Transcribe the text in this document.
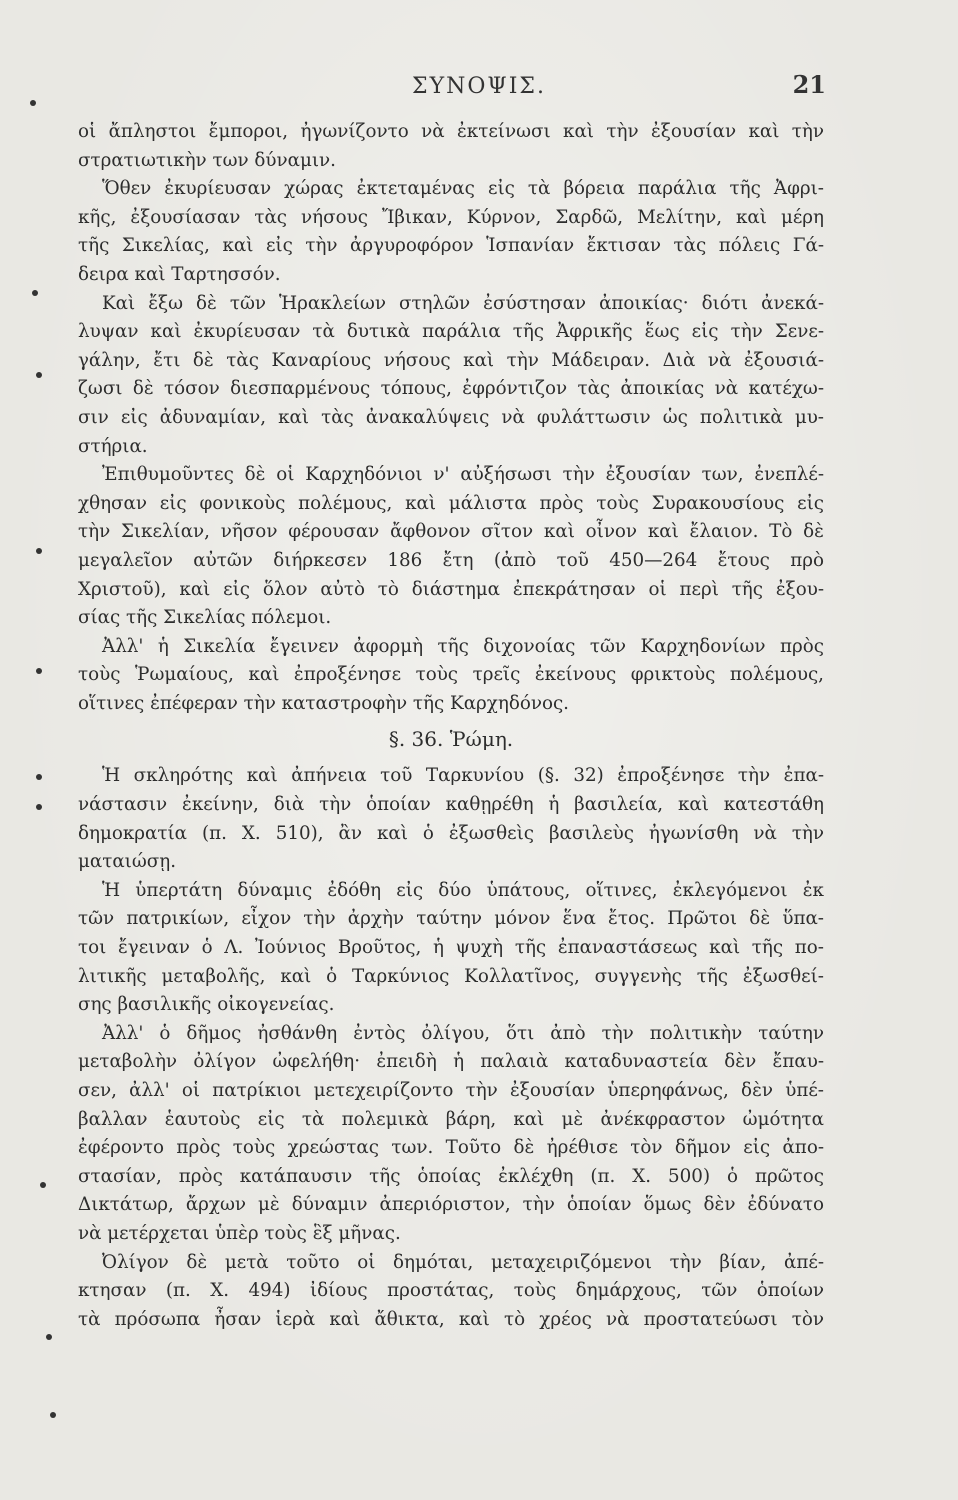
ΣΥΝΟΨΙΣ.	21
οἱ ἄπληστοι ἔμποροι, ἠγωνίζοντο νὰ ἐκτείνωσι καὶ τὴν ἐξουσίαν καὶ τὴν
στρατιωτικὴν των δύναμιν.
Ὅθεν ἐκυρίευσαν χώρας ἐκτεταμένας εἰς τὰ βόρεια παράλια τῆς Ἀφρι-
κῆς, ἐξουσίασαν τὰς νήσους Ἴβικαν, Κύρνον, Σαρδῶ, Μελίτην, καὶ μέρη
τῆς Σικελίας, καὶ εἰς τὴν ἀργυροφόρον Ἱσπανίαν ἔκτισαν τὰς πόλεις Γά-
δειρα καὶ Ταρτησσόν.
Καὶ ἔξω δὲ τῶν Ἡρακλείων στηλῶν ἐσύστησαν ἀποικίας· διότι ἀνεκά-
λυψαν καὶ ἐκυρίευσαν τὰ δυτικὰ παράλια τῆς Ἀφρικῆς ἕως εἰς τὴν Σενε-
γάλην, ἔτι δὲ τὰς Καναρίους νήσους καὶ τὴν Μάδειραν. Διὰ νὰ ἐξουσιά-
ζωσι δὲ τόσον διεσπαρμένους τόπους, ἐφρόντιζον τὰς ἀποικίας νὰ κατέχω-
σιν εἰς ἀδυναμίαν, καὶ τὰς ἀνακαλύψεις νὰ φυλάττωσιν ὡς πολιτικὰ μυ-
στήρια.
Ἐπιθυμοῦντες δὲ οἱ Καρχηδόνιοι ν' αὐξήσωσι τὴν ἐξουσίαν των, ἐνεπλέ-
χθησαν εἰς φονικοὺς πολέμους, καὶ μάλιστα πρὸς τοὺς Συρακουσίους εἰς
τὴν Σικελίαν, νῆσον φέρουσαν ἄφθονον σῖτον καὶ οἶνον καὶ ἔλαιον. Τὸ δὲ
μεγαλεῖον αὐτῶν διήρκεσεν 186 ἔτη (ἀπὸ τοῦ 450—264 ἔτους πρὸ
Χριστοῦ), καὶ εἰς ὅλον αὐτὸ τὸ διάστημα ἐπεκράτησαν οἱ περὶ τῆς ἐξου-
σίας τῆς Σικελίας πόλεμοι.
Ἀλλ' ἡ Σικελία ἔγεινεν ἀφορμὴ τῆς διχονοίας τῶν Καρχηδονίων πρὸς
τοὺς Ῥωμαίους, καὶ ἐπροξένησε τοὺς τρεῖς ἐκείνους φρικτοὺς πολέμους,
οἵτινες ἐπέφεραν τὴν καταστροφὴν τῆς Καρχηδόνος.
§. 36. Ῥώμη.
Ἡ σκληρότης καὶ ἀπήνεια τοῦ Ταρκυνίου (§. 32) ἐπροξένησε τὴν ἐπα-
νάστασιν ἐκείνην, διὰ τὴν ὁποίαν καθῃρέθη ἡ βασιλεία, καὶ κατεστάθη
δημοκρατία (π. Χ. 510), ἂν καὶ ὁ ἐξωσθεὶς βασιλεὺς ἠγωνίσθη νὰ τὴν
ματαιώσῃ.
Ἡ ὑπερτάτη δύναμις ἐδόθη εἰς δύο ὑπάτους, οἵτινες, ἐκλεγόμενοι ἐκ
τῶν πατρικίων, εἶχον τὴν ἀρχὴν ταύτην μόνον ἕνα ἔτος. Πρῶτοι δὲ ὕπα-
τοι ἔγειναν ὁ Λ. Ἰούνιος Βροῦτος, ἡ ψυχὴ τῆς ἐπαναστάσεως καὶ τῆς πο-
λιτικῆς μεταβολῆς, καὶ ὁ Ταρκύνιος Κολλατῖνος, συγγενὴς τῆς ἐξωσθεί-
σης βασιλικῆς οἰκογενείας.
Ἀλλ' ὁ δῆμος ἠσθάνθη ἐντὸς ὀλίγου, ὅτι ἀπὸ τὴν πολιτικὴν ταύτην
μεταβολὴν ὀλίγον ὠφελήθη· ἐπειδὴ ἡ παλαιὰ καταδυναστεία δὲν ἔπαυ-
σεν, ἀλλ' οἱ πατρίκιοι μετεχειρίζοντο τὴν ἐξουσίαν ὑπερηφάνως, δὲν ὑπέ-
βαλλαν ἑαυτοὺς εἰς τὰ πολεμικὰ βάρη, καὶ μὲ ἀνέκφραστον ὠμότητα
ἐφέροντο πρὸς τοὺς χρεώστας των. Τοῦτο δὲ ἠρέθισε τὸν δῆμον εἰς ἀπο-
στασίαν, πρὸς κατάπαυσιν τῆς ὁποίας ἐκλέχθη (π. Χ. 500) ὁ πρῶτος
Δικτάτωρ, ἄρχων μὲ δύναμιν ἀπεριόριστον, τὴν ὁποίαν ὅμως δὲν ἐδύνατο
νὰ μετέρχεται ὑπὲρ τοὺς ἓξ μῆνας.
Ὀλίγον δὲ μετὰ τοῦτο οἱ δημόται, μεταχειριζόμενοι τὴν βίαν, ἀπέ-
κτησαν (π. Χ. 494) ἰδίους προστάτας, τοὺς δημάρχους, τῶν ὁποίων
τὰ πρόσωπα ἦσαν ἱερὰ καὶ ἄθικτα, καὶ τὸ χρέος νὰ προστατεύωσι τὸν
